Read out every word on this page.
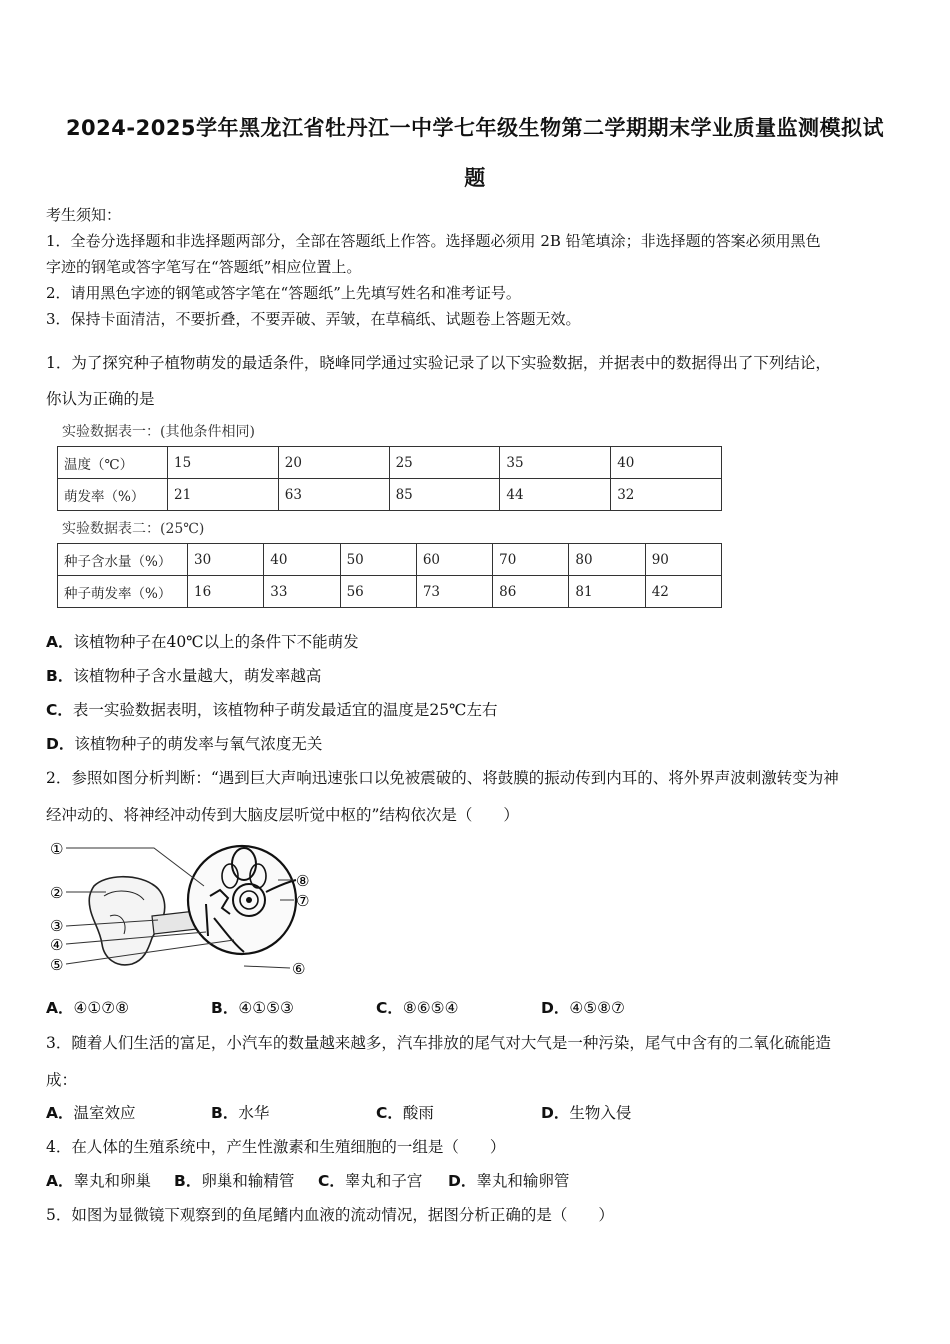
2024-2025学年黑龙江省牡丹江一中学七年级生物第二学期期末学业质量监测模拟试
题
考生须知：
1．全卷分选择题和非选择题两部分，全部在答题纸上作答。选择题必须用 2B 铅笔填涂；非选择题的答案必须用黑色
字迹的钢笔或答字笔写在“答题纸”相应位置上。
2．请用黑色字迹的钢笔或答字笔在“答题纸”上先填写姓名和准考证号。
3．保持卡面清洁，不要折叠，不要弄破、弄皱，在草稿纸、试题卷上答题无效。
1．为了探究种子植物萌发的最适条件，晓峰同学通过实验记录了以下实验数据，并据表中的数据得出了下列结论，
你认为正确的是
实验数据表一：(其他条件相同)
温度（℃）	15	20	25	35	40
萌发率（%）	21	63	85	44	32
实验数据表二：(25℃)
种子含水量（%）	30	40	50	60	70	80	90
种子萌发率（%）	16	33	56	73	86	81	42
A．该植物种子在40℃以上的条件下不能萌发
B．该植物种子含水量越大，萌发率越高
C．表一实验数据表明，该植物种子萌发最适宜的温度是25℃左右
D．该植物种子的萌发率与氧气浓度无关
2．参照如图分析判断：“遇到巨大声响迅速张口以免被震破的、将鼓膜的振动传到内耳的、将外界声波刺激转变为神
经冲动的、将神经冲动传到大脑皮层听觉中枢的”结构依次是（　　）
①
②
③
④
⑤	⑥
⑦
⑧
A．④①⑦⑧	B．④①⑤③	C．⑧⑥⑤④	D．④⑤⑧⑦
3．随着人们生活的富足，小汽车的数量越来越多，汽车排放的尾气对大气是一种污染，尾气中含有的二氧化硫能造
成：
A．温室效应	B．水华	C．酸雨	D．生物入侵
4．在人体的生殖系统中，产生性激素和生殖细胞的一组是（　　）
A．睾丸和卵巢 B．卵巢和输精管 C．睾丸和子宫 D．睾丸和输卵管
5．如图为显微镜下观察到的鱼尾鳍内血液的流动情况，据图分析正确的是（　　）
